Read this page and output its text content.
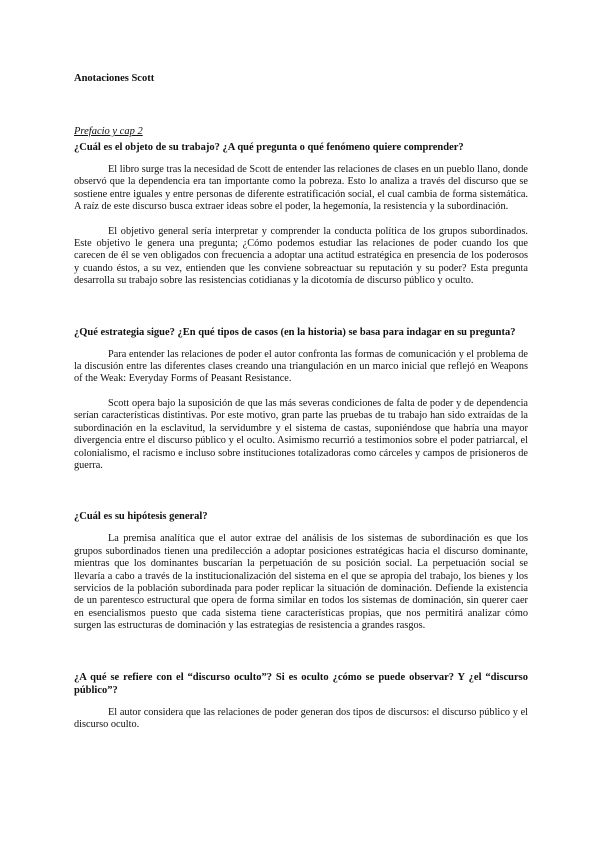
Anotaciones Scott

Prefacio y cap 2

¿Cuál es el objeto de su trabajo? ¿A qué pregunta o qué fenómeno quiere comprender?

El libro surge tras la necesidad de Scott de entender las relaciones de clases en un pueblo llano, donde observó que la dependencia era tan importante como la pobreza. Esto lo analiza a través del discurso que se sostiene entre iguales y entre personas de diferente estratificación social, el cual cambia de forma sistemática. A raíz de este discurso busca extraer ideas sobre el poder, la hegemonía, la resistencia y la subordinación.

El objetivo general sería interpretar y comprender la conducta política de los grupos subordinados. Este objetivo le genera una pregunta; ¿Cómo podemos estudiar las relaciones de poder cuando los que carecen de él se ven obligados con frecuencia a adoptar una actitud estratégica en presencia de los poderosos y cuando éstos, a su vez, entienden que les conviene sobreactuar su reputación y su poder? Esta pregunta desarrolla su trabajo sobre las resistencias cotidianas y la dicotomía de discurso público y oculto.

¿Qué estrategia sigue? ¿En qué tipos de casos (en la historia) se basa para indagar en su pregunta?

Para entender las relaciones de poder el autor confronta las formas de comunicación y el problema de la discusión entre las diferentes clases creando una triangulación en un marco inicial que reflejó en Weapons of the Weak: Everyday Forms of Peasant Resistance.

Scott opera bajo la suposición de que las más severas condiciones de falta de poder y de dependencia serían características distintivas. Por este motivo, gran parte las pruebas de tu trabajo han sido extraídas de la subordinación en la esclavitud, la servidumbre y el sistema de castas, suponiéndose que habría una mayor divergencia entre el discurso público y el oculto. Asimismo recurrió a testimonios sobre el poder patriarcal, el colonialismo, el racismo e incluso sobre instituciones totalizadoras como cárceles y campos de prisioneros de guerra.

¿Cuál es su hipótesis general?

La premisa analítica que el autor extrae del análisis de los sistemas de subordinación es que los grupos subordinados tienen una predilección a adoptar posiciones estratégicas hacia el discurso dominante, mientras que los dominantes buscarían la perpetuación de su posición social. La perpetuación social se llevaría a cabo a través de la institucionalización del sistema en el que se apropia del trabajo, los bienes y los servicios de la población subordinada para poder replicar la situación de dominación. Defiende la existencia de un parentesco estructural que opera de forma similar en todos los sistemas de dominación, sin querer caer en esencialismos puesto que cada sistema tiene características propias, que nos permitirá analizar cómo surgen las estructuras de dominación y las estrategias de resistencia a grandes rasgos.

¿A qué se refiere con el “discurso oculto”? Si es oculto ¿cómo se puede observar? Y ¿el “discurso público”?

El autor considera que las relaciones de poder generan dos tipos de discursos: el discurso público y el discurso oculto.
